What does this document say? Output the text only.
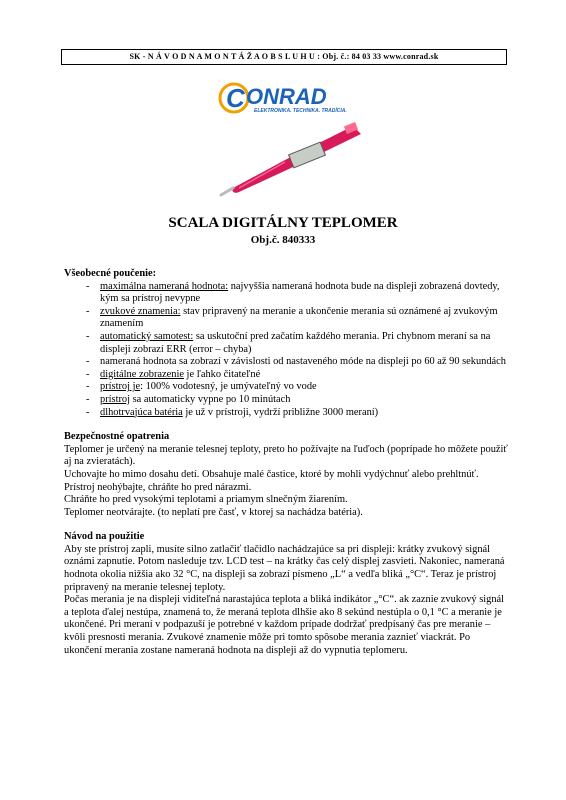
SK - N Á V O D N A M O N T Á Ž A O B S L U H U : Obj. č.: 84 03 33 www.conrad.sk
C ONRAD
ELEKTRONIKA. TECHNIKA. TRADÍCIA.
SCALA DIGITÁLNY TEPLOMER
Obj.č. 840333

Všeobecné poučenie:

- maximálna nameraná hodnota: najvyššia nameraná hodnota bude na displeji zobrazená dovtedy, kým sa prístroj nevypne
- zvukové znamenia: stav pripravený na meranie a ukončenie merania sú oznámené aj zvukovým znamením
- automatický samotest: sa uskutoční pred začatím každého merania. Pri chybnom meraní sa na displeji zobrazí ERR (error – chyba)
- nameraná hodnota sa zobrazí v závislosti od nastaveného móde na displeji po 60 až 90 sekundách
- digitálne zobrazenie je ľahko čitateľné
- prístroj je: 100% vodotesný, je umývateľný vo vode
- prístroj sa automaticky vypne po 10 minútach
- dlhotrvajúca batéria je už v prístroji, vydrží približne 3000 meraní)

Bezpečnostné opatrenia

Teplomer je určený na meranie telesnej teploty, preto ho požívajte na ľuďoch (poprípade ho môžete použiť aj na zvieratách).

Uchovajte ho mimo dosahu detí. Obsahuje malé častice, ktoré by mohli vydýchnuť alebo prehltnúť.

Prístroj neohýbajte, chráňte ho pred nárazmi.

Chráňte ho pred vysokými teplotami a priamym slnečným žiarením.

Teplomer neotvárajte. (to neplatí pre časť, v ktorej sa nachádza batéria).

Návod na použitie

Aby ste prístroj zapli, musíte silno zatlačiť tlačidlo nachádzajúce sa pri displeji: krátky zvukový signál oznámi zapnutie. Potom nasleduje tzv. LCD test – na krátky čas celý displej zasvieti. Nakoniec, nameraná hodnota okolia nižšia ako 32 °C, na displeji sa zobrazí písmeno „L“ a vedľa bliká „°C“. Teraz je prístroj pripravený na meranie telesnej teploty.

Počas merania je na displeji viditeľná narastajúca teplota a bliká indikátor „°C“. ak zaznie zvukový signál a teplota ďalej nestúpa, znamená to, že meraná teplota dlhšie ako 8 sekúnd nestúpla o 0,1 °C a meranie je ukončené. Pri meraní v podpazuší je potrebné v každom prípade dodržať predpísaný čas pre meranie – kvôli presnosti merania. Zvukové znamenie môže pri tomto spôsobe merania zaznieť viackrát. Po ukončení merania zostane nameraná hodnota na displeji až do vypnutia teplomeru.
